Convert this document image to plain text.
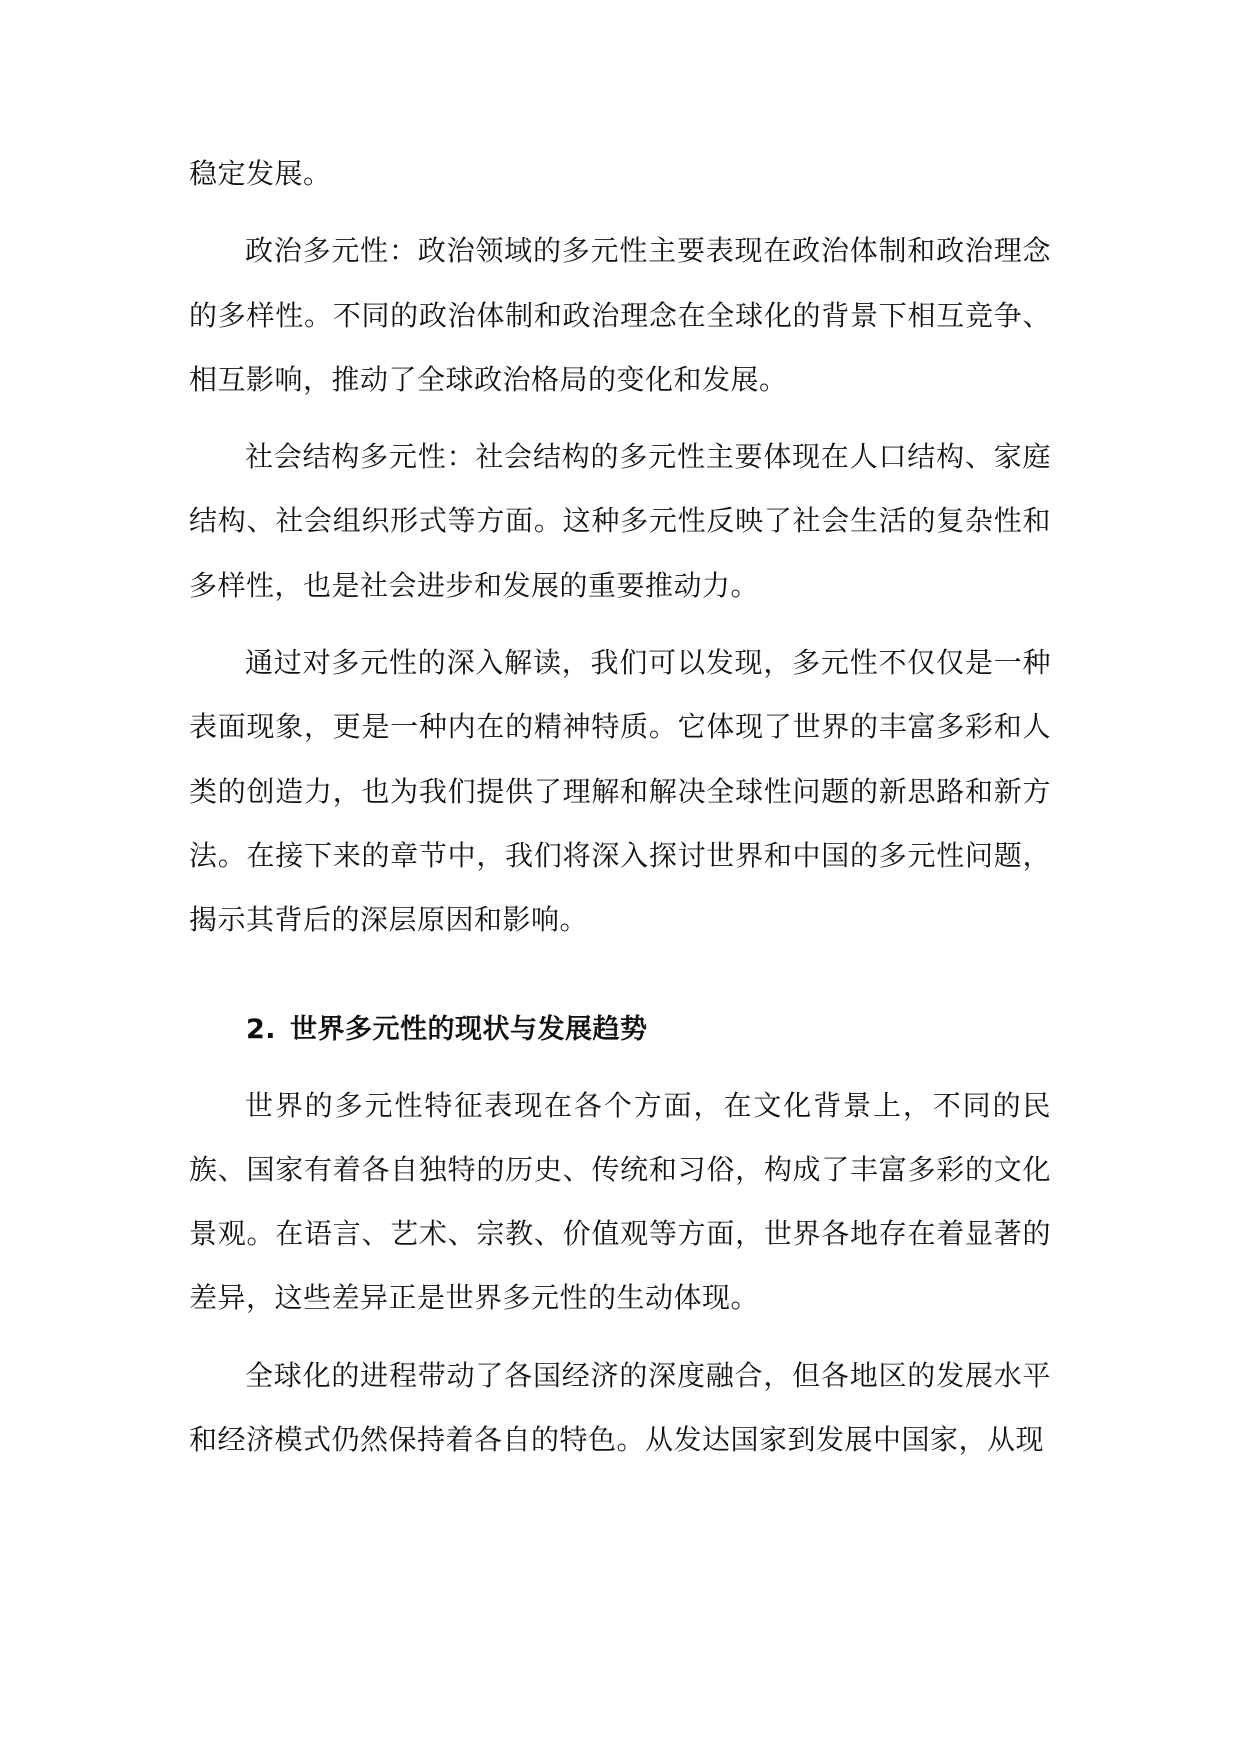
稳定发展。

政治多元性：政治领域的多元性主要表现在政治体制和政治理念的多样性。不同的政治体制和政治理念在全球化的背景下相互竞争、相互影响，推动了全球政治格局的变化和发展。

社会结构多元性：社会结构的多元性主要体现在人口结构、家庭结构、社会组织形式等方面。这种多元性反映了社会生活的复杂性和多样性，也是社会进步和发展的重要推动力。

通过对多元性的深入解读，我们可以发现，多元性不仅仅是一种表面现象，更是一种内在的精神特质。它体现了世界的丰富多彩和人类的创造力，也为我们提供了理解和解决全球性问题的新思路和新方法。在接下来的章节中，我们将深入探讨世界和中国的多元性问题，揭示其背后的深层原因和影响。

2. 世界多元性的现状与发展趋势

世界的多元性特征表现在各个方面，在文化背景上，不同的民族、国家有着各自独特的历史、传统和习俗，构成了丰富多彩的文化景观。在语言、艺术、宗教、价值观等方面，世界各地存在着显著的差异，这些差异正是世界多元性的生动体现。

全球化的进程带动了各国经济的深度融合，但各地区的发展水平和经济模式仍然保持着各自的特色。从发达国家到发展中国家，从现
